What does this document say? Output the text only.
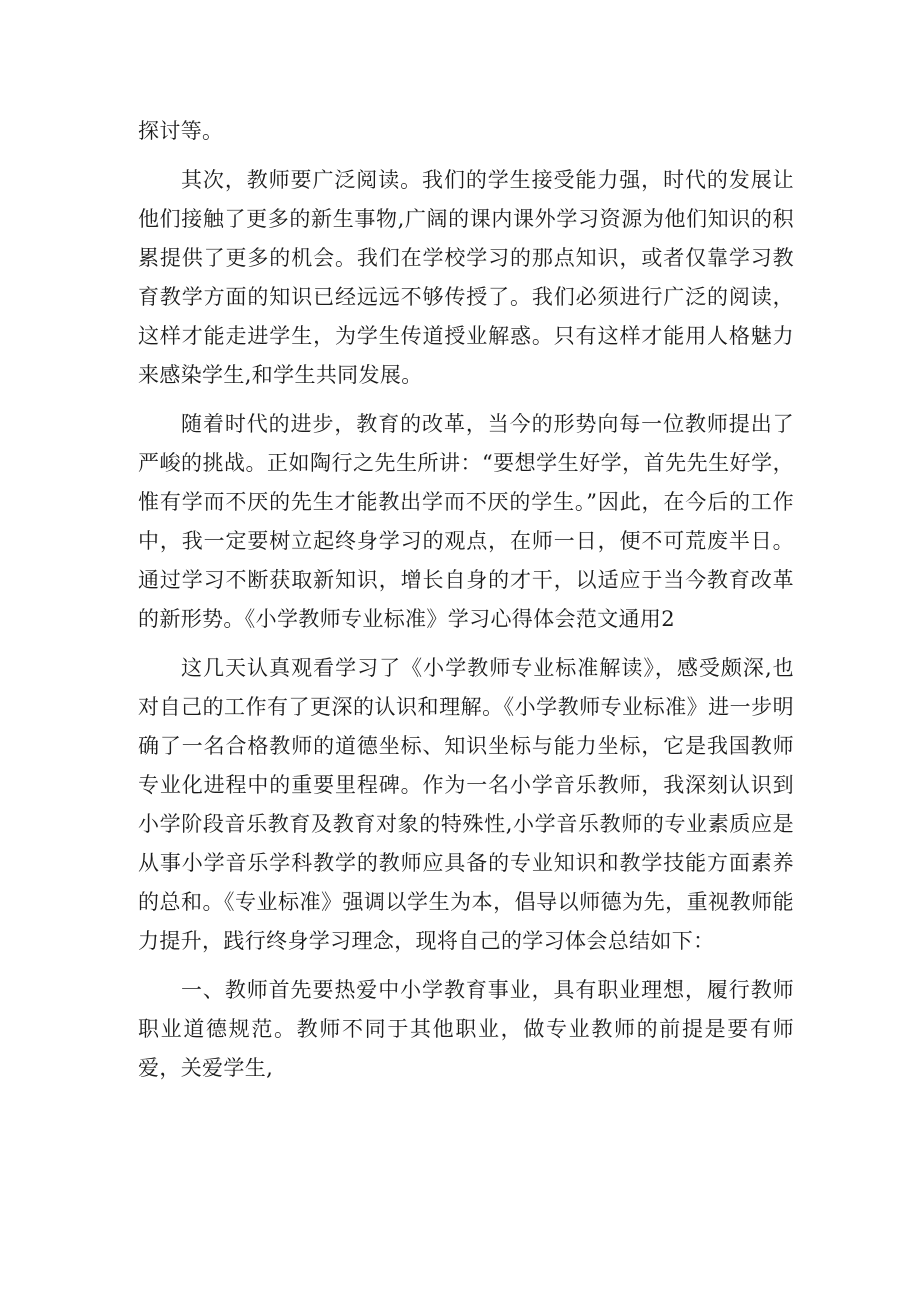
探讨等。

其次，教师要广泛阅读。我们的学生接受能力强，时代的发展让他们接触了更多的新生事物,广阔的课内课外学习资源为他们知识的积累提供了更多的机会。我们在学校学习的那点知识，或者仅靠学习教育教学方面的知识已经远远不够传授了。我们必须进行广泛的阅读，这样才能走进学生，为学生传道授业解惑。只有这样才能用人格魅力来感染学生,和学生共同发展。

随着时代的进步，教育的改革，当今的形势向每一位教师提出了严峻的挑战。正如陶行之先生所讲：“要想学生好学，首先先生好学，惟有学而不厌的先生才能教出学而不厌的学生。”因此，在今后的工作中，我一定要树立起终身学习的观点，在师一日，便不可荒废半日。通过学习不断获取新知识，增长自身的才干，以适应于当今教育改革的新形势。《小学教师专业标准》学习心得体会范文通用2

这几天认真观看学习了《小学教师专业标准解读》，感受颇深,也对自己的工作有了更深的认识和理解。《小学教师专业标准》进一步明确了一名合格教师的道德坐标、知识坐标与能力坐标，它是我国教师专业化进程中的重要里程碑。作为一名小学音乐教师，我深刻认识到小学阶段音乐教育及教育对象的特殊性,小学音乐教师的专业素质应是从事小学音乐学科教学的教师应具备的专业知识和教学技能方面素养的总和。《专业标准》强调以学生为本，倡导以师德为先，重视教师能力提升，践行终身学习理念，现将自己的学习体会总结如下：

一、教师首先要热爱中小学教育事业，具有职业理想，履行教师职业道德规范。教师不同于其他职业，做专业教师的前提是要有师爱，关爱学生,
